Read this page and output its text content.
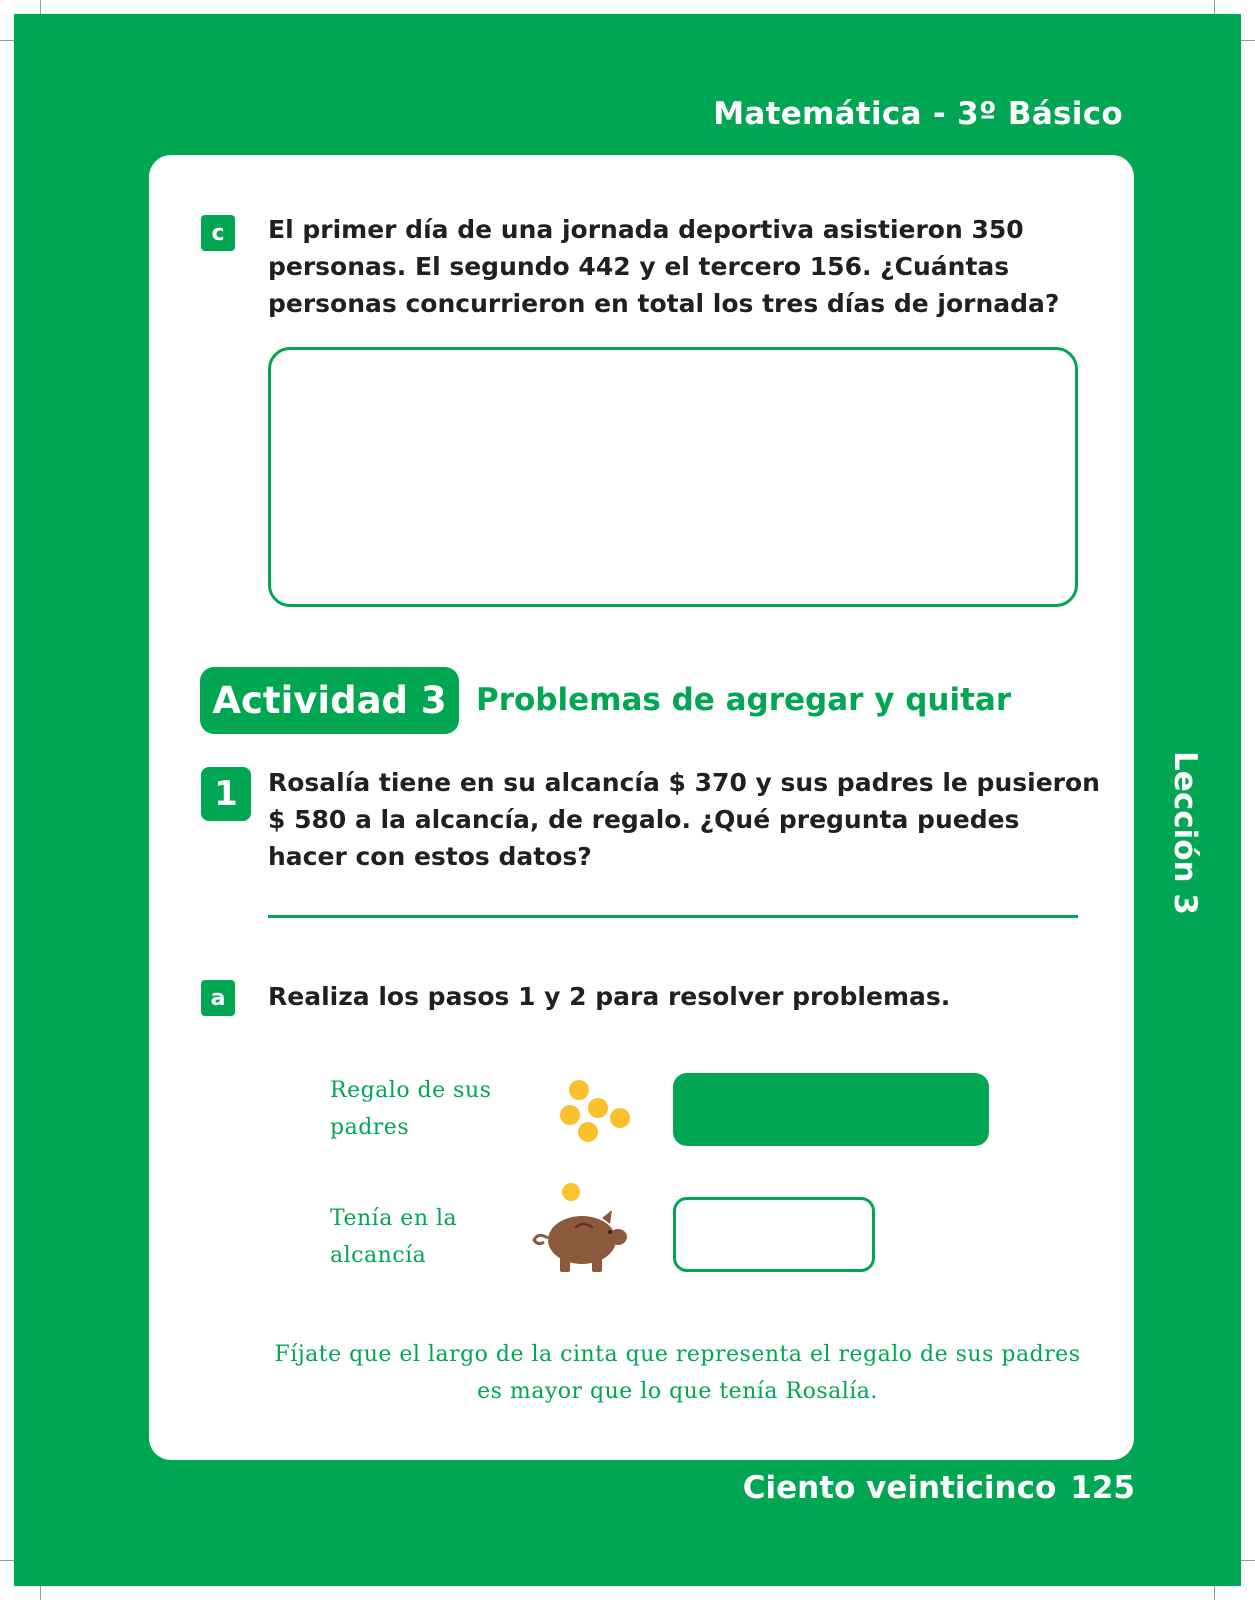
Matemática - 3º Básico
c	El primer día de una jornada deportiva asistieron 350
personas. El segundo 442 y el tercero 156. ¿Cuántas
personas concurrieron en total los tres días de jornada?
Actividad 3 Problemas de agregar y quitar
1	Rosalía tiene en su alcancía $ 370 y sus padres le pusieron
$ 580 a la alcancía, de regalo. ¿Qué pregunta puedes
hacer con estos datos?
a	Realiza los pasos 1 y 2 para resolver problemas.
Regalo de sus
padres
Tenía en la
alcancía
Fíjate que el largo de la cinta que representa el regalo de sus padres
es mayor que lo que tenía Rosalía.
Lección 3
Ciento veinticinco 125
